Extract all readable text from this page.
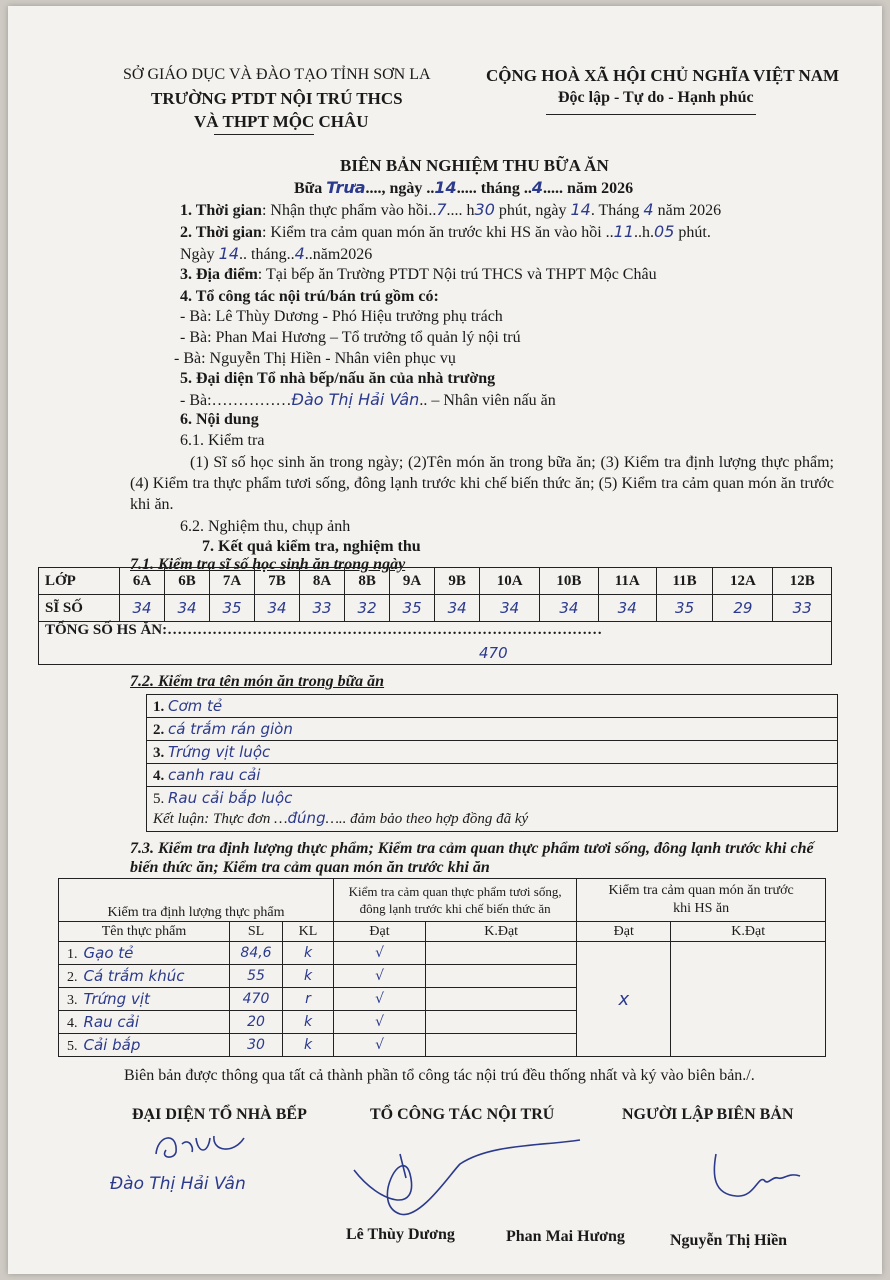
SỞ GIÁO DỤC VÀ ĐÀO TẠO TỈNH SƠN LA
TRƯỜNG PTDT NỘI TRÚ THCS
VÀ THPT MỘC CHÂU
CỘNG HOÀ XÃ HỘI CHỦ NGHĨA VIỆT NAM
Độc lập - Tự do - Hạnh phúc
BIÊN BẢN NGHIỆM THU BỮA ĂN
Bữa Trưa...., ngày ..14..... tháng ..4..... năm 2026
1. Thời gian: Nhận thực phẩm vào hồi..7.... h30 phút, ngày 14. Tháng 4 năm 2026
2. Thời gian: Kiểm tra cảm quan món ăn trước khi HS ăn vào hồi ..11..h.05 phút.
Ngày 14.. tháng..4..năm2026
3. Địa điểm: Tại bếp ăn Trường PTDT Nội trú THCS và THPT Mộc Châu
4. Tổ công tác nội trú/bán trú gồm có:
- Bà: Lê Thùy Dương - Phó Hiệu trưởng phụ trách
- Bà: Phan Mai Hương – Tổ trưởng tổ quản lý nội trú
- Bà: Nguyễn Thị Hiền - Nhân viên phục vụ
5. Đại diện Tổ nhà bếp/nấu ăn của nhà trường
- Bà:……………Đào Thị Hải Vân.. – Nhân viên nấu ăn
6. Nội dung
6.1. Kiểm tra
(1) Sĩ số học sinh ăn trong ngày; (2)Tên món ăn trong bữa ăn; (3) Kiểm tra định lượng thực phẩm; (4) Kiểm tra thực phẩm tươi sống, đông lạnh trước khi chế biến thức ăn; (5) Kiểm tra cảm quan món ăn trước khi ăn.
6.2. Nghiệm thu, chụp ảnh
7. Kết quả kiểm tra, nghiệm thu
7.1. Kiểm tra sĩ số học sinh ăn trong ngày
LỚP	6A	6B	7A	7B	8A	8B	9A	9B	10A	10B	11A	11B	12A	12B
SĨ SỐ	34	34	35	34	33	32	35	34	34	34	34	35	29	33
TỔNG SỐ HS ĂN:……………………………………………………………………………
470														
7.2. Kiểm tra tên món ăn trong bữa ăn
1. Cơm tẻ
2. cá trắm rán giòn
3. Trứng vịt luộc
4. canh rau cải
5. Rau cải bắp luộc

Kết luận: Thực đơn …đúng….. đảm bảo theo hợp đồng đã ký
7.3. Kiểm tra định lượng thực phẩm; Kiểm tra cảm quan thực phẩm tươi sống, đông lạnh trước khi chế
biến thức ăn; Kiểm tra cảm quan món ăn trước khi ăn
Kiểm tra định lượng thực phẩm			Kiểm tra cảm quan thực phẩm tươi sống, đông lạnh trước khi chế biến thức ăn		Kiểm tra cảm quan món ăn trước khi HS ăn	
Tên thực phẩm	SL	KL	Đạt	K.Đạt	Đạt	K.Đạt
1. Gạo tẻ	84,6	k	√		x	
2. Cá trắm khúc	55	k	√			
3. Trứng vịt	470	r	√			
4. Rau cải	20	k	√			
5. Cải bắp	30	k	√			
Biên bản được thông qua tất cả thành phần tổ công tác nội trú đều thống nhất và ký vào biên bản./.
ĐẠI DIỆN TỔ NHÀ BẾP	TỔ CÔNG TÁC NỘI TRÚ	NGƯỜI LẬP BIÊN BẢN
Đào Thị Hải Vân
Lê Thùy Dương	Phan Mai Hương	Nguyễn Thị Hiền
